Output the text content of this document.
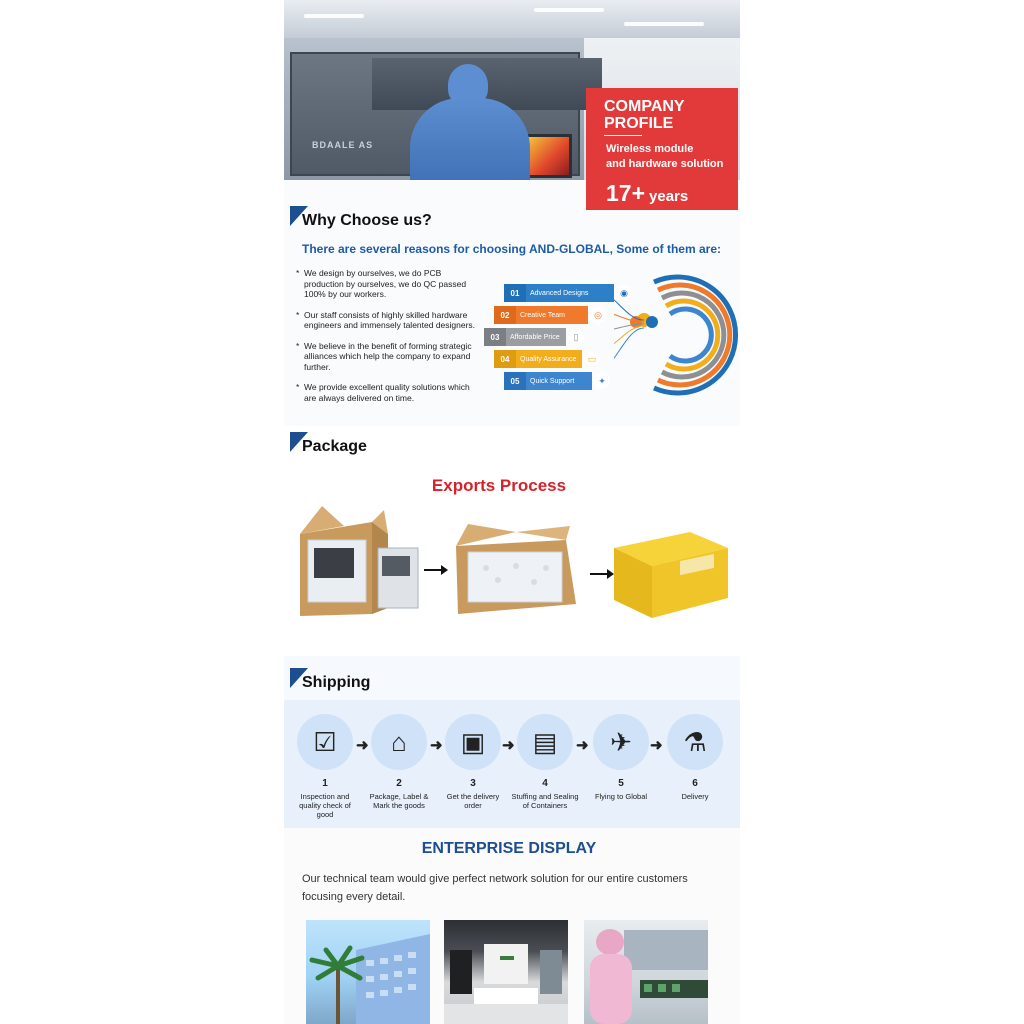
BDAALE AS
COMPANY
PROFILE
Wireless module
and hardware solution
17+ years
Why Choose us?
There are several reasons for choosing AND-GLOBAL, Some of them are:
* We design by ourselves, we do PCB production by ourselves, we do QC passed 100% by our workers.
* Our staff consists of highly skilled hardware engineers and immensely talented designers.
* We believe in the benefit of forming strategic alliances which help the company to expand further.
* We provide excellent quality solutions which are always delivered on time.
01	Advanced Designs	◉
02	Creative Team	◎
03	Affordable Price	▯
04	Quality Assurance	▭
05	Quick Support	✦
Package
Exports Process
Shipping
☑
1
Inspection and quality check of good
➜ ⌂
2
Package, Label & Mark the goods
➜ ▣
3
Get the delivery order
➜ ▤
4
Stuffing and Sealing of Containers
➜ ✈
5
Flying to Global
➜ ⚗
6
Delivery
ENTERPRISE DISPLAY
Our technical team would give perfect network solution for our entire customers focusing every detail.
